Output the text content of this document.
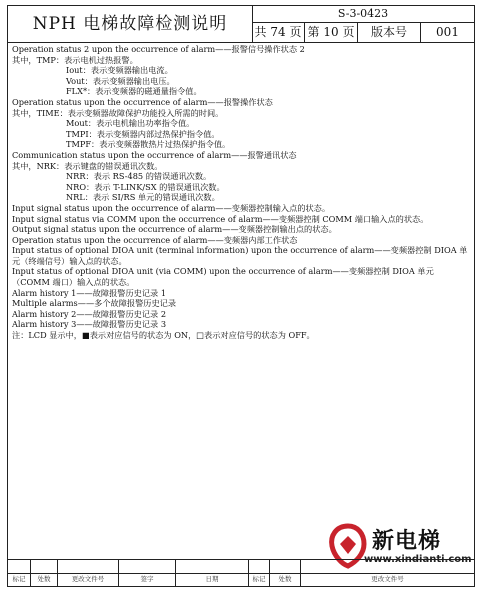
NPH 电梯故障检测说明
S-3-0423
共 74 页 第 10 页	版本号	001

Operation status 2 upon the occurrence of alarm——报警信号操作状态 2

其中，TMP：表示电机过热报警。

Iout：表示变频器输出电流。

Vout：表示变频器输出电压。

FLX*：表示变频器的磁通量指令值。

Operation status upon the occurrence of alarm——报警操作状态

其中，TIME：表示变频器故障保护功能投入所需的时间。

Mout：表示电机输出功率指令值。

TMPI：表示变频器内部过热保护指令值。

TMPF：表示变频器散热片过热保护指令值。

Communication status upon the occurrence of alarm——报警通讯状态

其中，NRK：表示键盘的错误通讯次数。

NRR：表示 RS-485 的错误通讯次数。

NRO：表示 T-LINK/SX 的错误通讯次数。

NRL：表示 SI/RS 单元的错误通讯次数。

Input signal status upon the occurrence of alarm——变频器控制输入点的状态。

Input signal status via COMM upon the occurrence of alarm——变频器控制 COMM 端口输入点的状态。

Output signal status upon the occurrence of alarm——变频器控制输出点的状态。

Operation status upon the occurrence of alarm——变频器内部工作状态

Input status of optional DIOA unit (terminal information) upon the occurrence of alarm——变频器控制 DIOA 单元（终端信号）输入点的状态。

Input status of optional DIOA unit (via COMM) upon the occurrence of alarm——变频器控制 DIOA 单元（COMM 端口）输入点的状态。

Alarm history 1——故障报警历史记录 1

Multiple alarms——多个故障报警历史记录

Alarm history 2——故障报警历史记录 2

Alarm history 3——故障报警历史记录 3

注：LCD 显示中，■表示对应信号的状态为 ON，□表示对应信号的状态为 OFF。

新电梯
www.xindianti.com
标记	处数	更改文件号	签字	日期	标记	处数	更改文件号
